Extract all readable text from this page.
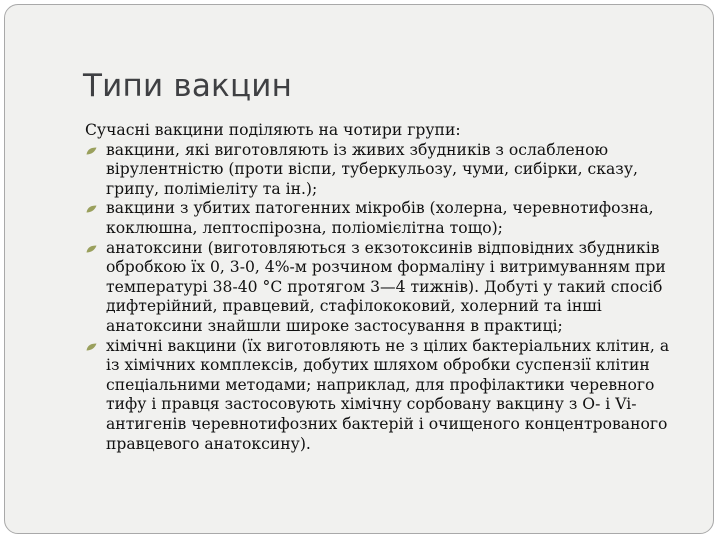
Типи вакцин

Сучасні вакцини поділяють на чотири групи:

вакцини, які виготовляють із живих збудників з ослабленою вірулентністю (проти віспи, туберкульозу, чуми, сибірки, сказу, грипу, поліміеліту та ін.);
вакцини з убитих патогенних мікробів (холерна, черевнотифозна, коклюшна, лептоспірозна, поліомієлітна тощо);
анатоксини (виготовляються з екзотоксинів відповідних збудників обробкою їх 0, 3-0, 4%-м розчином формаліну і витримуванням при температурі 38-40 °С протягом 3—4 тижнів). Добуті у такий спосіб дифтерійний, правцевий, стафілококовий, холерний та інші анатоксини знайшли широке застосування в практиці;
хімічні вакцини (їх виготовляють не з цілих бактеріальних клітин, а із хімічних комплексів, добутих шляхом обробки суспензії клітин спеціальними методами; наприклад, для профілактики черевного тифу і правця застосовують хімічну сорбовану вакцину з О- і Vi- антигенів черевнотифозних бактерій і очищеного концентрованого правцевого анатоксину).
